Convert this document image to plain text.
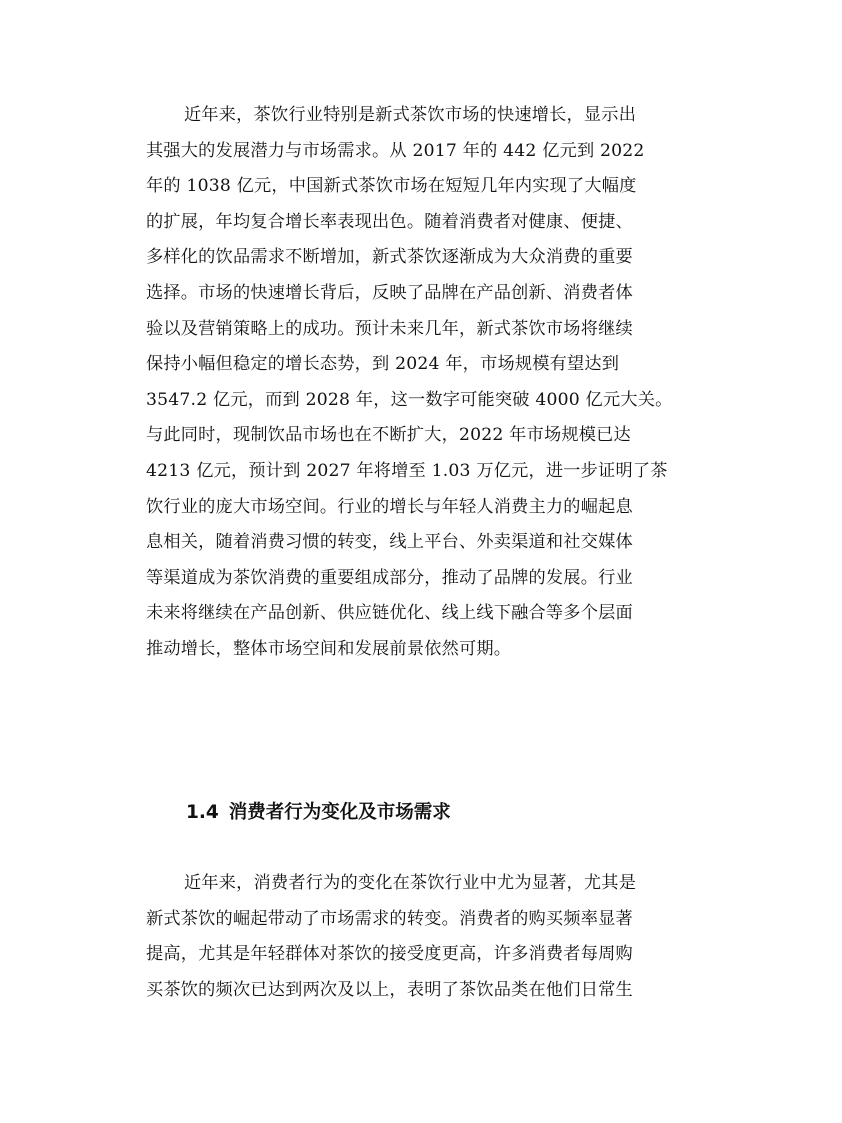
近年来，茶饮行业特别是新式茶饮市场的快速增长，显示出
其强大的发展潜力与市场需求。从 2017 年的 442 亿元到 2022
年的 1038 亿元，中国新式茶饮市场在短短几年内实现了大幅度
的扩展，年均复合增长率表现出色。随着消费者对健康、便捷、
多样化的饮品需求不断增加，新式茶饮逐渐成为大众消费的重要
选择。市场的快速增长背后，反映了品牌在产品创新、消费者体
验以及营销策略上的成功。预计未来几年，新式茶饮市场将继续
保持小幅但稳定的增长态势，到 2024 年，市场规模有望达到
3547.2 亿元，而到 2028 年，这一数字可能突破 4000 亿元大关。
与此同时，现制饮品市场也在不断扩大，2022 年市场规模已达
4213 亿元，预计到 2027 年将增至 1.03 万亿元，进一步证明了茶
饮行业的庞大市场空间。行业的增长与年轻人消费主力的崛起息
息相关，随着消费习惯的转变，线上平台、外卖渠道和社交媒体
等渠道成为茶饮消费的重要组成部分，推动了品牌的发展。行业
未来将继续在产品创新、供应链优化、线上线下融合等多个层面
推动增长，整体市场空间和发展前景依然可期。
1.4 消费者行为变化及市场需求
近年来，消费者行为的变化在茶饮行业中尤为显著，尤其是
新式茶饮的崛起带动了市场需求的转变。消费者的购买频率显著
提高，尤其是年轻群体对茶饮的接受度更高，许多消费者每周购
买茶饮的频次已达到两次及以上，表明了茶饮品类在他们日常生
